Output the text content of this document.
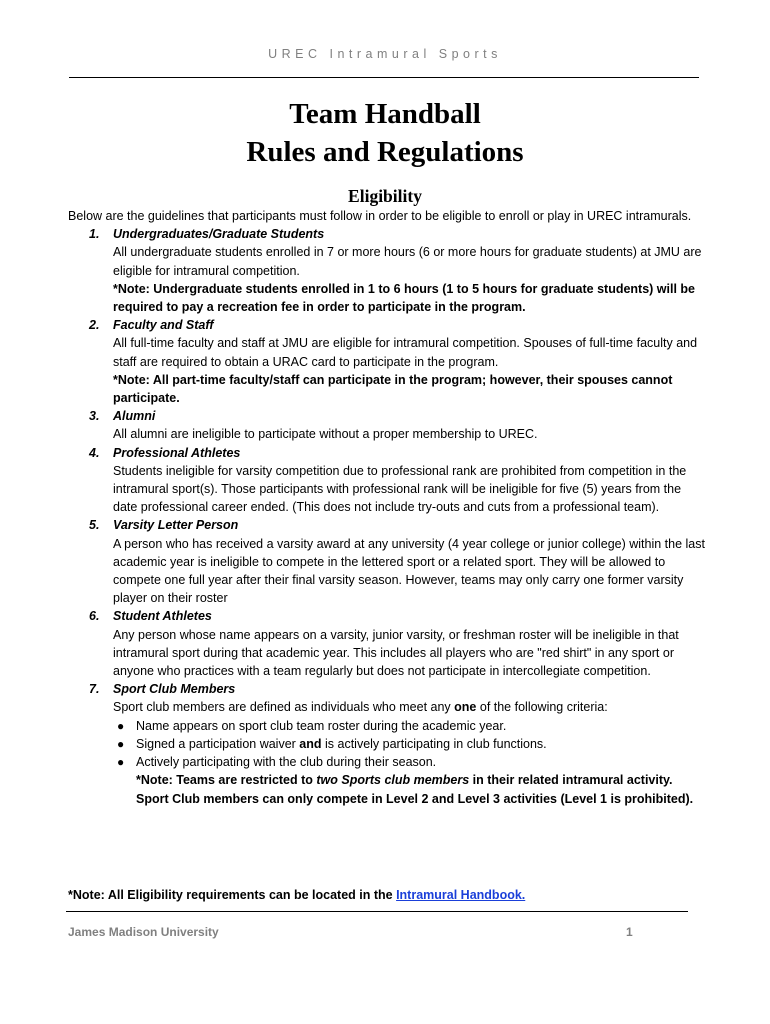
UREC Intramural Sports
Team Handball
Rules and Regulations
Eligibility

Below are the guidelines that participants must follow in order to be eligible to enroll or play in UREC intramurals.

1. Undergraduates/Graduate Students
All undergraduate students enrolled in 7 or more hours (6 or more hours for graduate students) at JMU are eligible for intramural competition.
*Note: Undergraduate students enrolled in 1 to 6 hours (1 to 5 hours for graduate students) will be required to pay a recreation fee in order to participate in the program.
2. Faculty and Staff
All full-time faculty and staff at JMU are eligible for intramural competition. Spouses of full-time faculty and staff are required to obtain a URAC card to participate in the program.
*Note: All part-time faculty/staff can participate in the program; however, their spouses cannot participate.
3. Alumni
All alumni are ineligible to participate without a proper membership to UREC.
4. Professional Athletes
Students ineligible for varsity competition due to professional rank are prohibited from competition in the intramural sport(s). Those participants with professional rank will be ineligible for five (5) years from the date professional career ended. (This does not include try-outs and cuts from a professional team).
5. Varsity Letter Person
A person who has received a varsity award at any university (4 year college or junior college) within the last academic year is ineligible to compete in the lettered sport or a related sport. They will be allowed to compete one full year after their final varsity season. However, teams may only carry one former varsity player on their roster
6. Student Athletes
Any person whose name appears on a varsity, junior varsity, or freshman roster will be ineligible in that intramural sport during that academic year. This includes all players who are "red shirt" in any sport or anyone who practices with a team regularly but does not participate in intercollegiate competition.
7. Sport Club Members
Sport club members are defined as individuals who meet any one of the following criteria:
● Name appears on sport club team roster during the academic year.
● Signed a participation waiver and is actively participating in club functions.
● Actively participating with the club during their season.
*Note: Teams are restricted to two Sports club members in their related intramural activity.
Sport Club members can only compete in Level 2 and Level 3 activities (Level 1 is prohibited).
*Note: All Eligibility requirements can be located in the Intramural Handbook.
James Madison University	1
